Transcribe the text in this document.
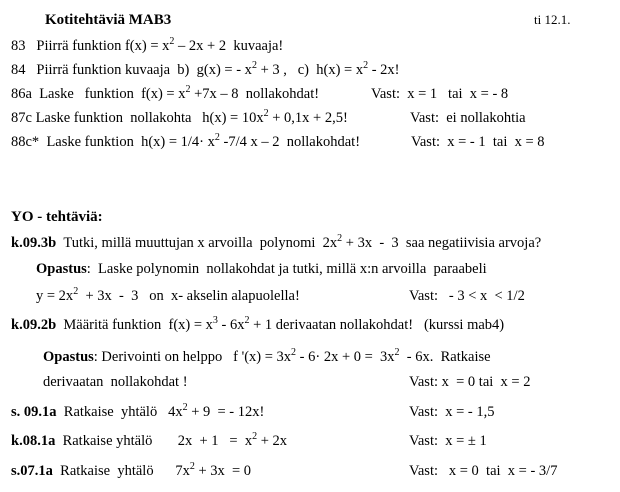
Kotitehtäviä MAB3	ti 12.1.
83 Piirrä funktion $f(x) = x^2 - 2x + 2$  kuvaaja!
84 Piirrä funktion kuvaaja  b)  g(x) = - $x^2 + 3$ ,   c)  $h(x) = x^2 - 2x$!
86a Laske   funktion  $f(x) = x^2 +7x - 8$  nollakohdat!	Vast:  x = 1   tai  x = - 8
87c Laske funktion  nollakohta   $h(x) = 10x^2 + 0,1x + 2,5$!	Vast:  ei nollakohtia
88c* Laske funktion  $h(x) = 1/4\cdot x^2$ -7/4 x – 2  nollakohdat!	Vast:  x = - 1  tai  x = 8
YO - tehtäviä:
k.09.3b Tutki, millä muuttujan x arvoilla  polynomi  $2x^2 + 3x - 3$  saa negatiivisia arvoja?
Opastus:  Laske polynomin  nollakohdat ja tutki, millä x:n arvoilla  paraabeli
$y = 2x^2 + 3x - 3$   on  x- akselin alapuolella!	Vast:   - 3 < x  < 1/2
k.09.2b Määritä funktion  $f(x) = x^3 - 6x^2 + 1$ derivaatan nollakohdat!   (kurssi mab4)
Opastus: Derivointi on helppo   f '$(x) = 3x^2 - 6\cdot 2x + 0 = 3x^2 - 6x$.  Ratkaise
derivaatan  nollakohdat !	Vast: x  = 0 tai  x = 2
s. 09.1a Ratkaise  yhtälö   $4x^2 + 9$  = - 12x!	Vast:  x = - 1,5
k.08.1a Ratkaise yhtälö       $2x + 1 = x^2 + 2x$	Vast:  x = ± 1
s.07.1a Ratkaise  yhtälö      $7x^2 + 3x = 0$	Vast:   x = 0  tai  x = - 3/7
